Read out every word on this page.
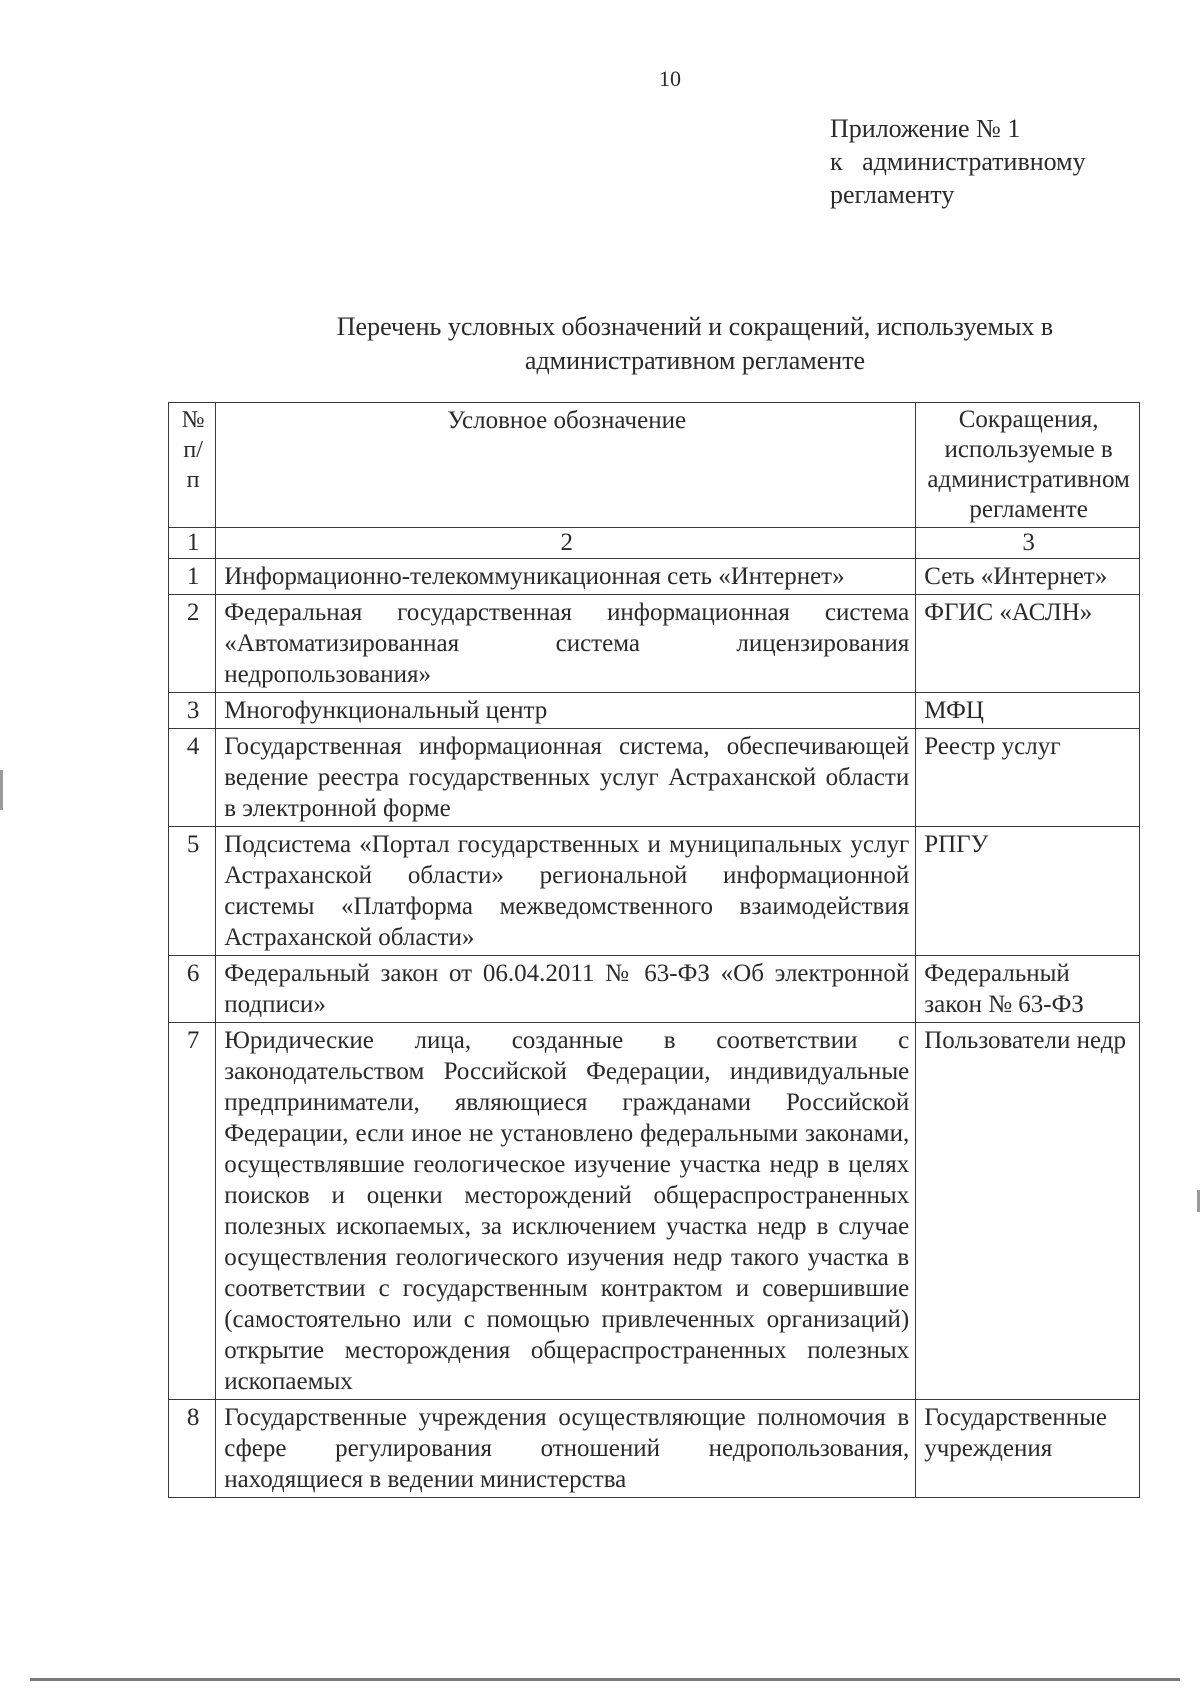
10
Приложение № 1
к   административному
регламенту
Перечень условных обозначений и сокращений, используемых в административном регламенте
№ п/п	Условное обозначение	Сокращения, используемые в административном регламенте
1	2	3
1	Информационно-телекоммуникационная сеть «Интернет»	Сеть «Интернет»
2	Федеральная государственная информационная система «Автоматизированная система лицензирования недропользования»	ФГИС «АСЛН»
3	Многофункциональный центр	МФЦ
4	Государственная информационная система, обеспечивающей ведение реестра государственных услуг Астраханской области в электронной форме	Реестр услуг
5	Подсистема «Портал государственных и муниципальных услуг Астраханской области» региональной информационной системы «Платформа межведомственного взаимодействия Астраханской области»	РПГУ
6	Федеральный закон от 06.04.2011 № 63-ФЗ «Об электронной подписи»	Федеральный закон № 63-ФЗ
7	Юридические лица, созданные в соответствии с законодательством Российской Федерации, индивидуальные предприниматели, являющиеся гражданами Российской Федерации, если иное не установлено федеральными законами, осуществлявшие геологическое изучение участка недр в целях поисков и оценки месторождений общераспространенных полезных ископаемых, за исключением участка недр в случае осуществления геологического изучения недр такого участка в соответствии с государственным контрактом и совершившие (самостоятельно или с помощью привлеченных организаций) открытие месторождения общераспространенных полезных ископаемых	Пользователи недр
8	Государственные учреждения осуществляющие полномочия в сфере регулирования отношений недропользования, находящиеся в ведении министерства	Государственные учреждения
